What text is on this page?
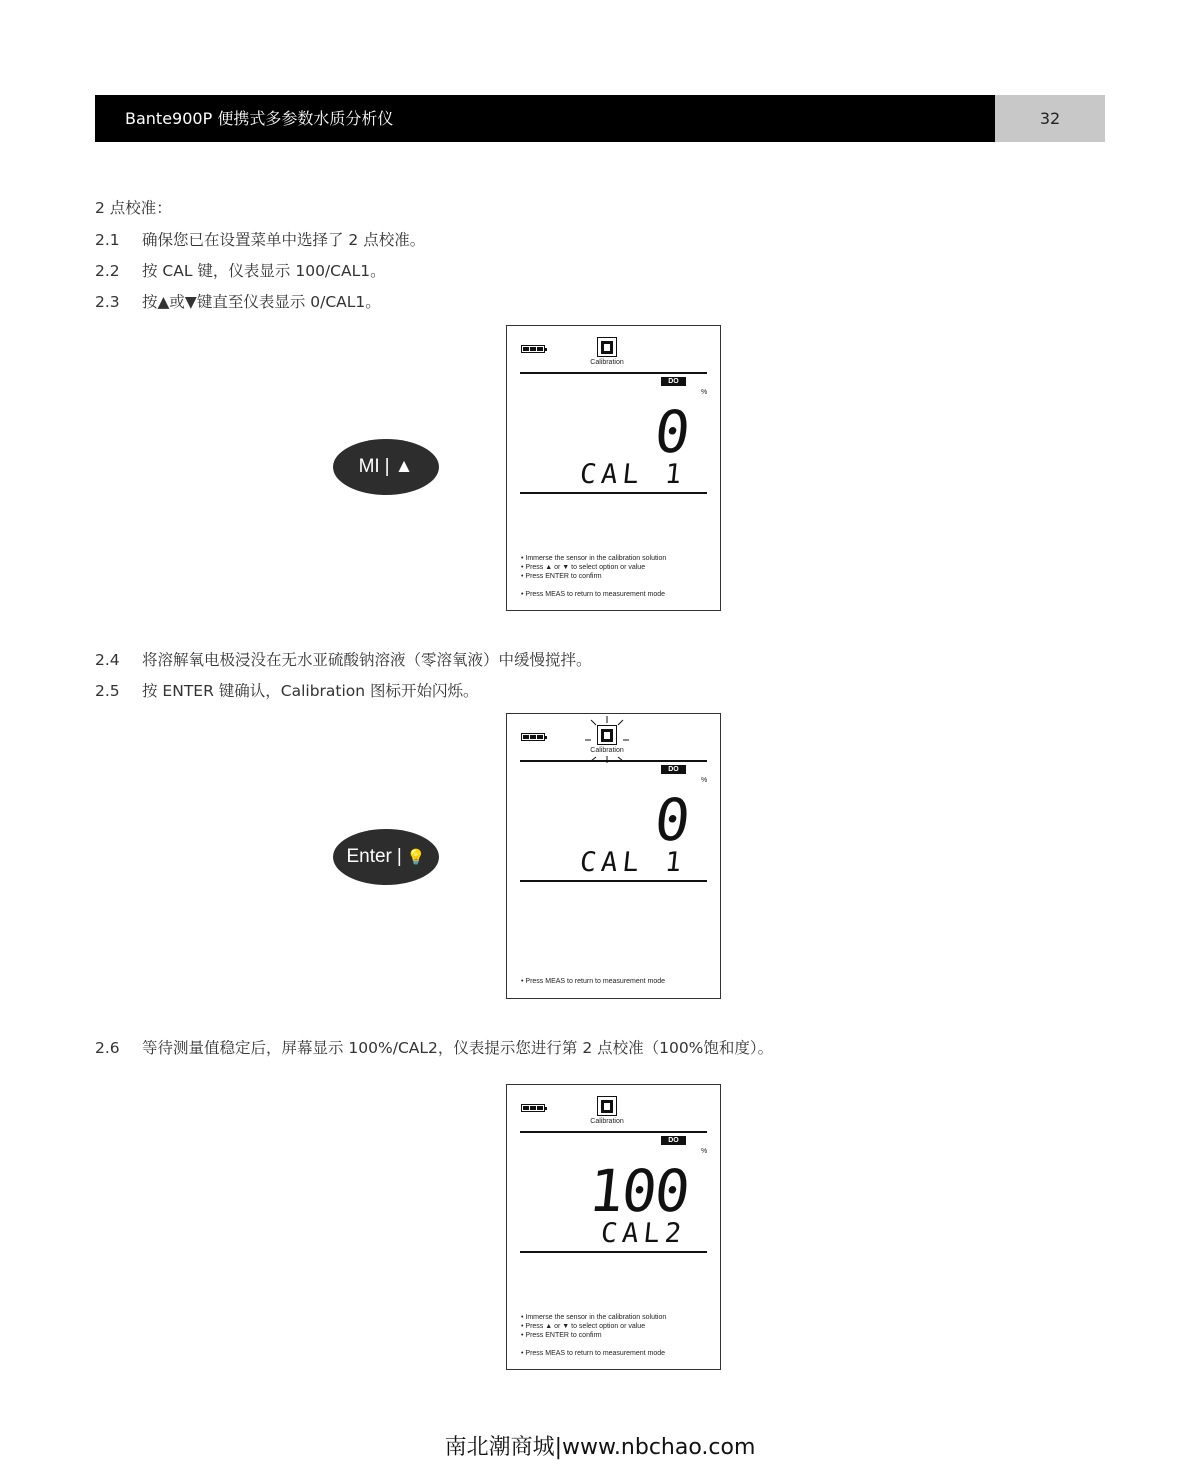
Bante900P 便携式多参数水质分析仪	32
2 点校准：
2.1 确保您已在设置菜单中选择了 2 点校准。
2.2 按 CAL 键，仪表显示 100/CAL1。
2.3 按▲或▼键直至仪表显示 0/CAL1。
MI | ▲
Calibration
DO
%
0
CAL 1
• Immerse the sensor in the calibration solution
• Press ▲ or ▼ to select option or value
• Press ENTER to confirm
• Press MEAS to return to measurement mode
2.4 将溶解氧电极浸没在无水亚硫酸钠溶液（零溶氧液）中缓慢搅拌。
2.5 按 ENTER 键确认，Calibration 图标开始闪烁。
Enter | 💡
Calibration
DO
%
0
CAL 1
• Press MEAS to return to measurement mode
2.6 等待测量值稳定后，屏幕显示 100%/CAL2，仪表提示您进行第 2 点校准（100%饱和度）。
Calibration
DO
%
100
CAL2
• Immerse the sensor in the calibration solution
• Press ▲ or ▼ to select option or value
• Press ENTER to confirm
• Press MEAS to return to measurement mode
南北潮商城|www.nbchao.com
